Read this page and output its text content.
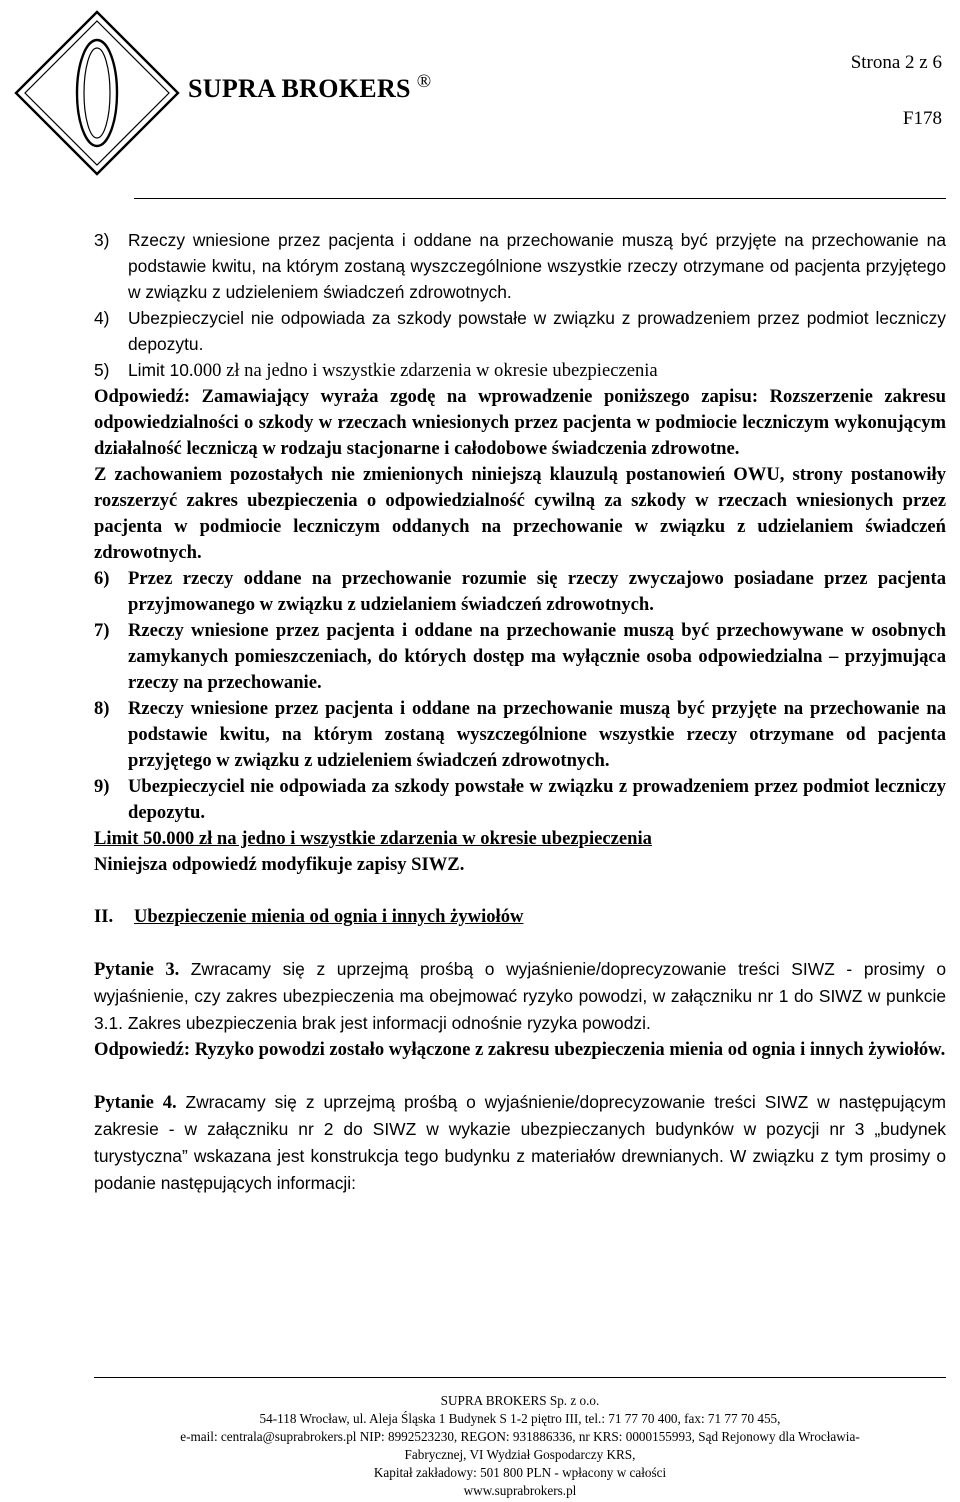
SUPRA BROKERS ®
Strona 2 z 6
F178
3)	Rzeczy wniesione przez pacjenta i oddane na przechowanie muszą być przyjęte na przechowanie na podstawie kwitu, na którym zostaną wyszczególnione wszystkie rzeczy otrzymane od pacjenta przyjętego w związku z udzieleniem świadczeń zdrowotnych.
4)	Ubezpieczyciel nie odpowiada za szkody powstałe w związku z prowadzeniem przez podmiot leczniczy depozytu.
5)	Limit 10.000 zł na jedno i wszystkie zdarzenia w okresie ubezpieczenia

Odpowiedź: Zamawiający wyraża zgodę na wprowadzenie poniższego zapisu: Rozszerzenie zakresu odpowiedzialności o szkody w rzeczach wniesionych przez pacjenta w podmiocie leczniczym wykonującym działalność leczniczą w rodzaju stacjonarne i całodobowe świadczenia zdrowotne.

Z zachowaniem pozostałych nie zmienionych niniejszą klauzulą postanowień OWU, strony postanowiły rozszerzyć zakres ubezpieczenia o odpowiedzialność cywilną za szkody w rzeczach wniesionych przez pacjenta w podmiocie leczniczym oddanych na przechowanie w związku z udzielaniem świadczeń zdrowotnych.

6) Przez rzeczy oddane na przechowanie rozumie się rzeczy zwyczajowo posiadane przez pacjenta przyjmowanego w związku z udzielaniem świadczeń zdrowotnych.
7) Rzeczy wniesione przez pacjenta i oddane na przechowanie muszą być przechowywane w osobnych zamykanych pomieszczeniach, do których dostęp ma wyłącznie osoba odpowiedzialna – przyjmująca rzeczy na przechowanie.
8) Rzeczy wniesione przez pacjenta i oddane na przechowanie muszą być przyjęte na przechowanie na podstawie kwitu, na którym zostaną wyszczególnione wszystkie rzeczy otrzymane od pacjenta przyjętego w związku z udzieleniem świadczeń zdrowotnych.
9) Ubezpieczyciel nie odpowiada za szkody powstałe w związku z prowadzeniem przez podmiot leczniczy depozytu.

Limit 50.000 zł na jedno i wszystkie zdarzenia w okresie ubezpieczenia

Niniejsza odpowiedź modyfikuje zapisy SIWZ.

II.	Ubezpieczenie mienia od ognia i innych żywiołów

Pytanie 3. Zwracamy się z uprzejmą prośbą o wyjaśnienie/doprecyzowanie treści SIWZ - prosimy o wyjaśnienie, czy zakres ubezpieczenia ma obejmować ryzyko powodzi, w załączniku nr 1 do SIWZ w punkcie 3.1. Zakres ubezpieczenia brak jest informacji odnośnie ryzyka powodzi.

Odpowiedź: Ryzyko powodzi zostało wyłączone z zakresu ubezpieczenia mienia od ognia i innych żywiołów.

Pytanie 4. Zwracamy się z uprzejmą prośbą o wyjaśnienie/doprecyzowanie treści SIWZ w następującym zakresie - w załączniku nr 2 do SIWZ w wykazie ubezpieczanych budynków w pozycji nr 3 „budynek turystyczna” wskazana jest konstrukcja tego budynku z materiałów drewnianych. W związku z tym prosimy o podanie następujących informacji:

SUPRA BROKERS Sp. z o.o.
54-118 Wrocław, ul. Aleja Śląska 1 Budynek S 1-2 piętro III, tel.: 71 77 70 400, fax: 71 77 70 455,
e-mail: centrala@suprabrokers.pl NIP: 8992523230, REGON: 931886336, nr KRS: 0000155993, Sąd Rejonowy dla Wrocławia-
Fabrycznej, VI Wydział Gospodarczy KRS,
Kapitał zakładowy: 501 800 PLN - wpłacony w całości
www.suprabrokers.pl
